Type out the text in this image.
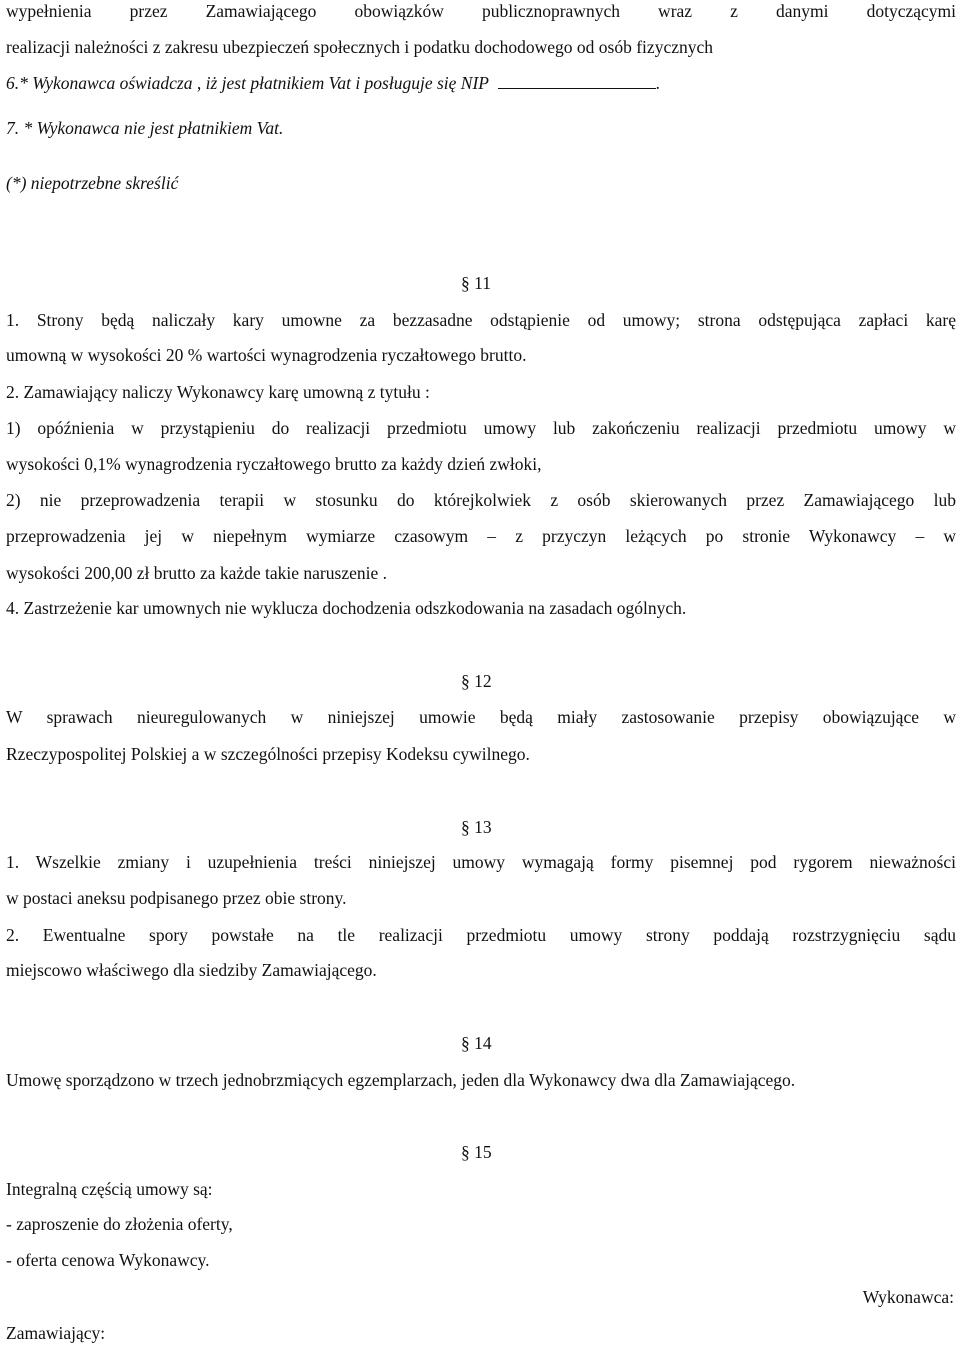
wypełnienia przez Zamawiającego obowiązków publicznoprawnych wraz z danymi dotyczącymi
realizacji należności z zakresu ubezpieczeń społecznych i podatku dochodowego od osób fizycznych
6.* Wykonawca oświadcza , iż jest płatnikiem Vat i posługuje się NIP	.
7. * Wykonawca nie jest płatnikiem Vat.
(*) niepotrzebne skreślić
§ 11
1. Strony będą naliczały kary umowne za bezzasadne odstąpienie od umowy; strona odstępująca zapłaci karę
umowną w wysokości 20 % wartości wynagrodzenia ryczałtowego brutto.
2. Zamawiający naliczy Wykonawcy karę umowną z tytułu :
1) opóźnienia w przystąpieniu do realizacji przedmiotu umowy lub zakończeniu realizacji przedmiotu umowy w
wysokości 0,1% wynagrodzenia ryczałtowego brutto za każdy dzień zwłoki,
2) nie przeprowadzenia terapii w stosunku do którejkolwiek z osób skierowanych przez Zamawiającego lub
przeprowadzenia jej w niepełnym wymiarze czasowym – z przyczyn leżących po stronie Wykonawcy – w
wysokości 200,00 zł brutto za każde takie naruszenie .
4. Zastrzeżenie kar umownych nie wyklucza dochodzenia odszkodowania na zasadach ogólnych.
§ 12
W sprawach nieuregulowanych w niniejszej umowie będą miały zastosowanie przepisy obowiązujące w
Rzeczypospolitej Polskiej a w szczególności przepisy Kodeksu cywilnego.
§ 13
1. Wszelkie zmiany i uzupełnienia treści niniejszej umowy wymagają formy pisemnej pod rygorem nieważności
w postaci aneksu podpisanego przez obie strony.
2. Ewentualne spory powstałe na tle realizacji przedmiotu umowy strony poddają rozstrzygnięciu sądu
miejscowo właściwego dla siedziby Zamawiającego.
§ 14
Umowę sporządzono w trzech jednobrzmiących egzemplarzach, jeden dla Wykonawcy dwa dla Zamawiającego.
§ 15
Integralną częścią umowy są:
- zaproszenie do złożenia oferty,
- oferta cenowa Wykonawcy.
Wykonawca:
Zamawiający:
